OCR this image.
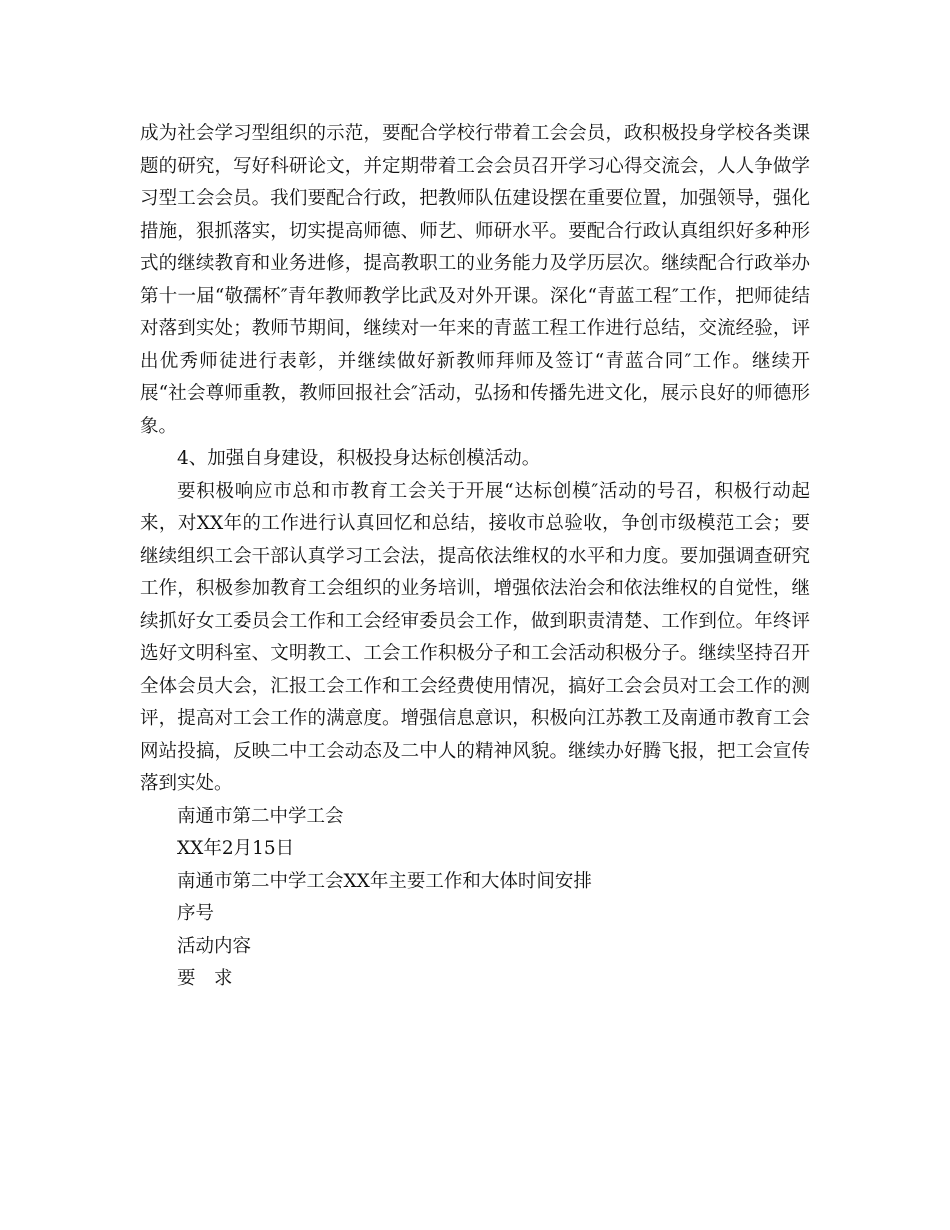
成为社会学习型组织的示范，要配合学校行带着工会会员，政积极投身学校各类课题的研究，写好科研论文，并定期带着工会会员召开学习心得交流会，人人争做学习型工会会员。我们要配合行政，把教师队伍建设摆在重要位置，加强领导，强化措施，狠抓落实，切实提高师德、师艺、师研水平。要配合行政认真组织好多种形式的继续教育和业务进修，提高教职工的业务能力及学历层次。继续配合行政举办第十一届“敬孺杯″青年教师教学比武及对外开课。深化“青蓝工程″工作，把师徒结对落到实处；教师节期间，继续对一年来的青蓝工程工作进行总结，交流经验，评出优秀师徒进行表彰，并继续做好新教师拜师及签订“青蓝合同″工作。继续开展“社会尊师重教，教师回报社会″活动，弘扬和传播先进文化，展示良好的师德形象。

4、加强自身建设，积极投身达标创模活动。

要积极响应市总和市教育工会关于开展“达标创模″活动的号召，积极行动起来，对XX年的工作进行认真回忆和总结，接收市总验收，争创市级模范工会；要继续组织工会干部认真学习工会法，提高依法维权的水平和力度。要加强调查研究工作，积极参加教育工会组织的业务培训，增强依法治会和依法维权的自觉性，继续抓好女工委员会工作和工会经审委员会工作，做到职责清楚、工作到位。年终评选好文明科室、文明教工、工会工作积极分子和工会活动积极分子。继续坚持召开全体会员大会，汇报工会工作和工会经费使用情况，搞好工会会员对工会工作的测评，提高对工会工作的满意度。增强信息意识，积极向江苏教工及南通市教育工会网站投搞，反映二中工会动态及二中人的精神风貌。继续办好腾飞报，把工会宣传落到实处。

南通市第二中学工会

XX年2月15日

南通市第二中学工会XX年主要工作和大体时间安排

序号

活动内容

要　求
